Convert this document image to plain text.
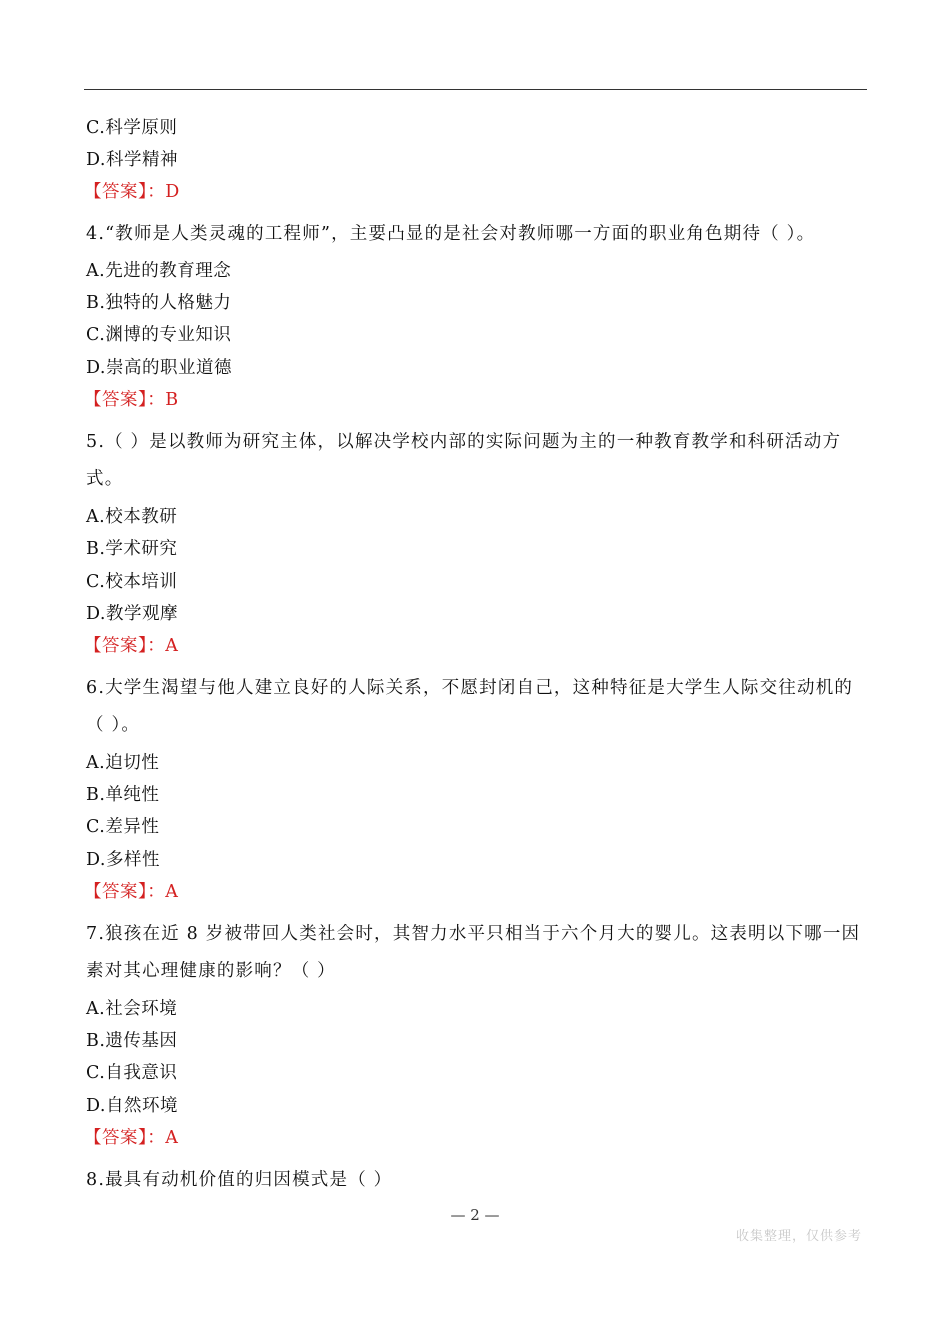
C.科学原则
D.科学精神
【答案】：D
4.“教师是人类灵魂的工程师”，主要凸显的是社会对教师哪一方面的职业角色期待（ ）。
A.先进的教育理念
B.独特的人格魅力
C.渊博的专业知识
D.崇高的职业道德
【答案】：B
5.（ ）是以教师为研究主体，以解决学校内部的实际问题为主的一种教育教学和科研活动方
式。
A.校本教研
B.学术研究
C.校本培训
D.教学观摩
【答案】：A
6.大学生渴望与他人建立良好的人际关系，不愿封闭自己，这种特征是大学生人际交往动机的
（ ）。
A.迫切性
B.单纯性
C.差异性
D.多样性
【答案】：A
7.狼孩在近 8 岁被带回人类社会时，其智力水平只相当于六个月大的婴儿。这表明以下哪一因
素对其心理健康的影响？（ ）
A.社会环境
B.遗传基因
C.自我意识
D.自然环境
【答案】：A
8.最具有动机价值的归因模式是（ ）
— 2 —
收集整理，仅供参考
